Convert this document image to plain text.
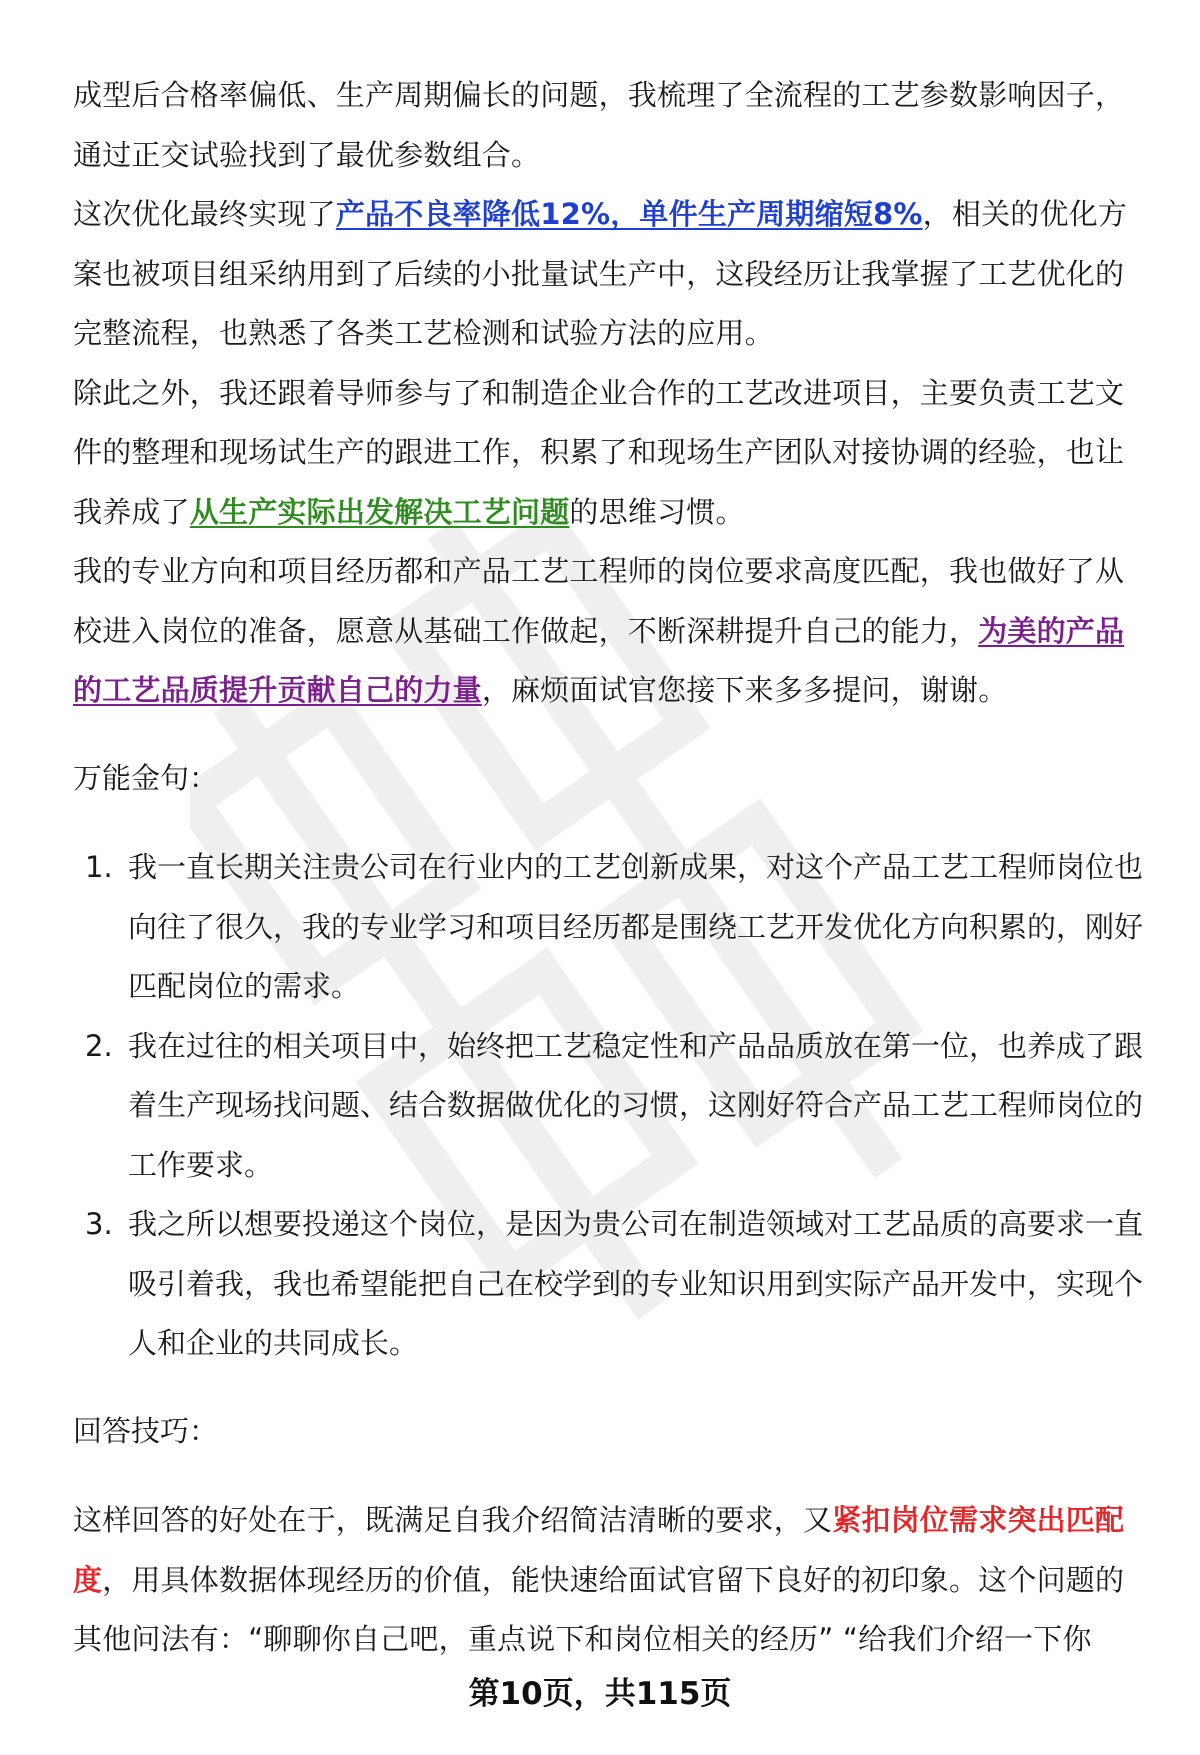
成型后合格率偏低、生产周期偏长的问题，我梳理了全流程的工艺参数影响因子，通过正交试验找到了最优参数组合。

这次优化最终实现了产品不良率降低12%，单件生产周期缩短8%，相关的优化方案也被项目组采纳用到了后续的小批量试生产中，这段经历让我掌握了工艺优化的完整流程，也熟悉了各类工艺检测和试验方法的应用。

除此之外，我还跟着导师参与了和制造企业合作的工艺改进项目，主要负责工艺文件的整理和现场试生产的跟进工作，积累了和现场生产团队对接协调的经验，也让我养成了从生产实际出发解决工艺问题的思维习惯。

我的专业方向和项目经历都和产品工艺工程师的岗位要求高度匹配，我也做好了从校进入岗位的准备，愿意从基础工作做起，不断深耕提升自己的能力，为美的产品的工艺品质提升贡献自己的力量，麻烦面试官您接下来多多提问，谢谢。

万能金句：

1. 我一直长期关注贵公司在行业内的工艺创新成果，对这个产品工艺工程师岗位也向往了很久，我的专业学习和项目经历都是围绕工艺开发优化方向积累的，刚好匹配岗位的需求。
2. 我在过往的相关项目中，始终把工艺稳定性和产品品质放在第一位，也养成了跟着生产现场找问题、结合数据做优化的习惯，这刚好符合产品工艺工程师岗位的工作要求。
3. 我之所以想要投递这个岗位，是因为贵公司在制造领域对工艺品质的高要求一直吸引着我，我也希望能把自己在校学到的专业知识用到实际产品开发中，实现个人和企业的共同成长。

回答技巧：

这样回答的好处在于，既满足自我介绍简洁清晰的要求，又紧扣岗位需求突出匹配度，用具体数据体现经历的价值，能快速给面试官留下良好的初印象。这个问题的其他问法有：“聊聊你自己吧，重点说下和岗位相关的经历” “给我们介绍一下你

第10页，共115页
